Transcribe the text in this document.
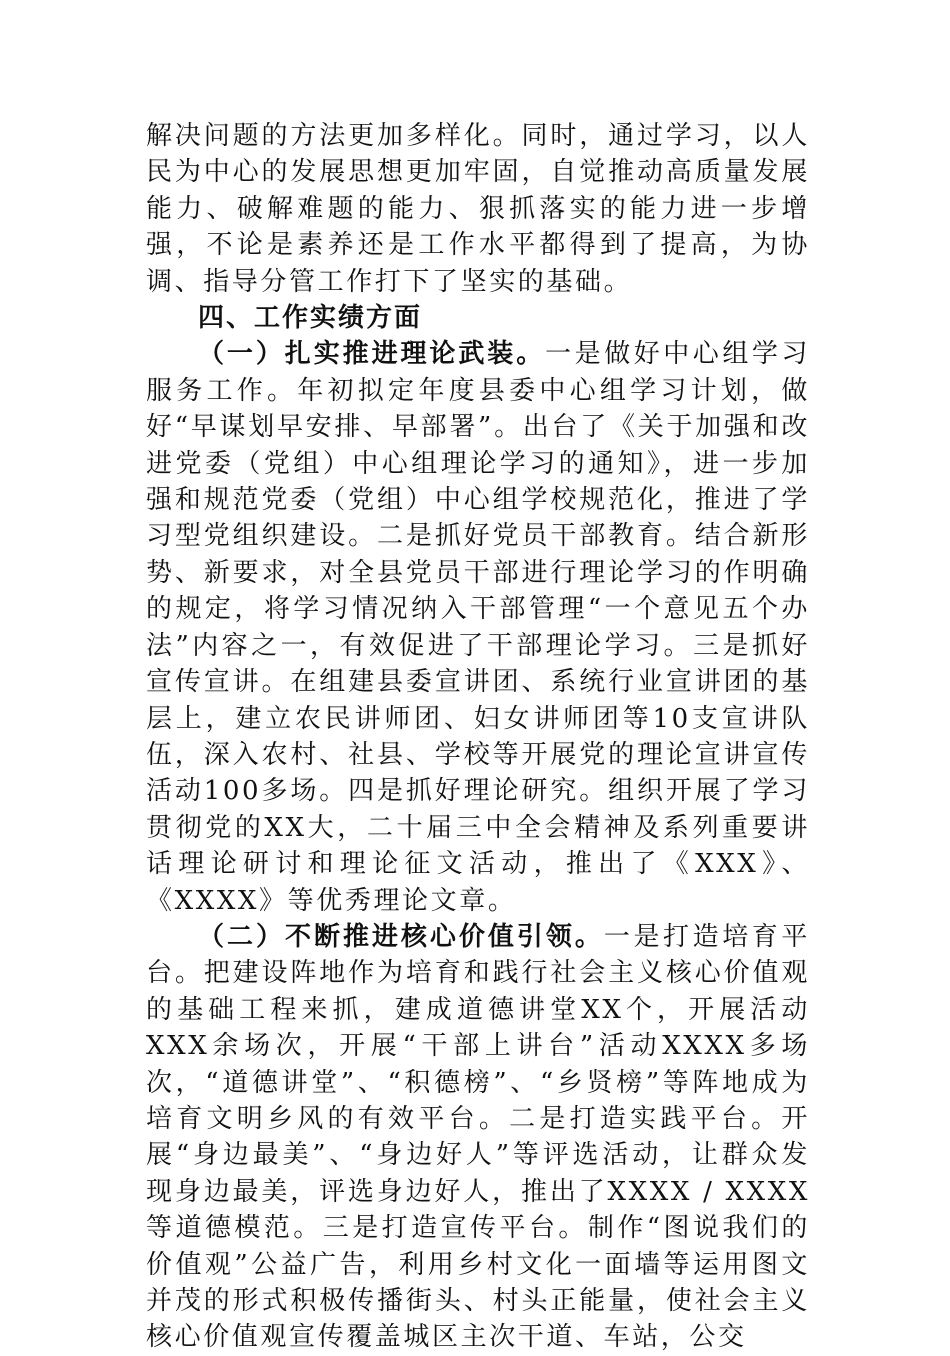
解决问题的方法更加多样化。同时，通过学习，以人民为中心的发展思想更加牢固，自觉推动高质量发展能力、破解难题的能力、狠抓落实的能力进一步增强，不论是素养还是工作水平都得到了提高，为协调、指导分管工作打下了坚实的基础。

四、工作实绩方面

（一）扎实推进理论武装。一是做好中心组学习服务工作。年初拟定年度县委中心组学习计划，做好“早谋划早安排、早部署”。出台了《关于加强和改进党委（党组）中心组理论学习的通知》，进一步加强和规范党委（党组）中心组学校规范化，推进了学习型党组织建设。二是抓好党员干部教育。结合新形势、新要求，对全县党员干部进行理论学习的作明确的规定，将学习情况纳入干部管理“一个意见五个办法”内容之一，有效促进了干部理论学习。三是抓好宣传宣讲。在组建县委宣讲团、系统行业宣讲团的基层上，建立农民讲师团、妇女讲师团等10支宣讲队伍，深入农村、社县、学校等开展党的理论宣讲宣传活动100多场。四是抓好理论研究。组织开展了学习贯彻党的XX大，二十届三中全会精神及系列重要讲话理论研讨和理论征文活动，推出了《XXX》、《XXXX》等优秀理论文章。

（二）不断推进核心价值引领。一是打造培育平台。把建设阵地作为培育和践行社会主义核心价值观的基础工程来抓，建成道德讲堂XX个，开展活动XXX余场次，开展“干部上讲台”活动XXXX多场次，“道德讲堂”、“积德榜”、“乡贤榜”等阵地成为培育文明乡风的有效平台。二是打造实践平台。开展“身边最美”、“身边好人”等评选活动，让群众发现身边最美，评选身边好人，推出了XXXX / XXXX等道德模范。三是打造宣传平台。制作“图说我们的价值观”公益广告，利用乡村文化一面墙等运用图文并茂的形式积极传播街头、村头正能量，使社会主义核心价值观宣传覆盖城区主次干道、车站，公交
